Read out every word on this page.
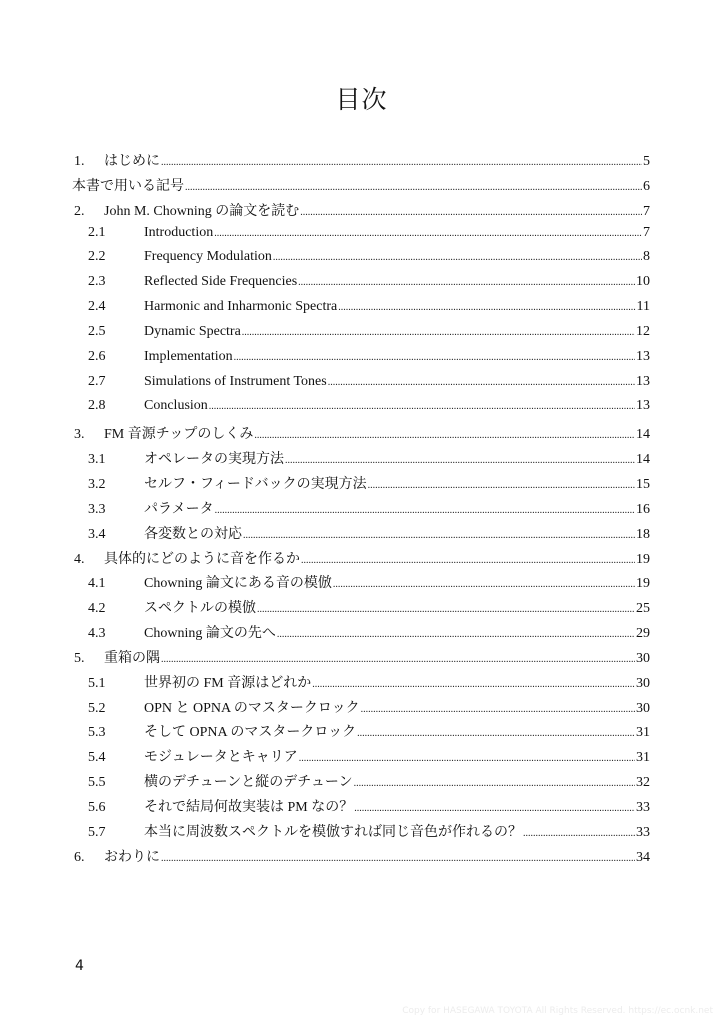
目次
1.	はじめに .....	5
本書で用いる記号 .....	6
2.	John M. Chowning の論文を読む .....	7
2.1	Introduction .....	7
2.2	Frequency Modulation .....	8
2.3	Reflected Side Frequencies .....	10
2.4	Harmonic and Inharmonic Spectra .....	11
2.5	Dynamic Spectra .....	12
2.6	Implementation .....	13
2.7	Simulations of Instrument Tones .....	13
2.8	Conclusion .....	13
3.	FM 音源チップのしくみ .....	14
3.1	オペレータの実現方法 .....	14
3.2	セルフ・フィードバックの実現方法 .....	15
3.3	パラメータ .....	16
3.4	各変数との対応 .....	18
4.	具体的にどのように音を作るか .....	19
4.1	Chowning 論文にある音の模倣 .....	19
4.2	スペクトルの模倣 .....	25
4.3	Chowning 論文の先へ .....	29
5.	重箱の隅 .....	30
5.1	世界初の FM 音源はどれか .....	30
5.2	OPN と OPNA のマスタークロック .....	30
5.3	そして OPNA のマスタークロック .....	31
5.4	モジュレータとキャリア .....	31
5.5	横のデチューンと縦のデチューン .....	32
5.6	それで結局何故実装は PM なの？ .....	33
5.7	本当に周波数スペクトルを模倣すれば同じ音色が作れるの？ .....	33
6.	おわりに .....	34
4
Copy for HASEGAWA TOYOTA All Rights Reserved. https://ec.ocnk.net
